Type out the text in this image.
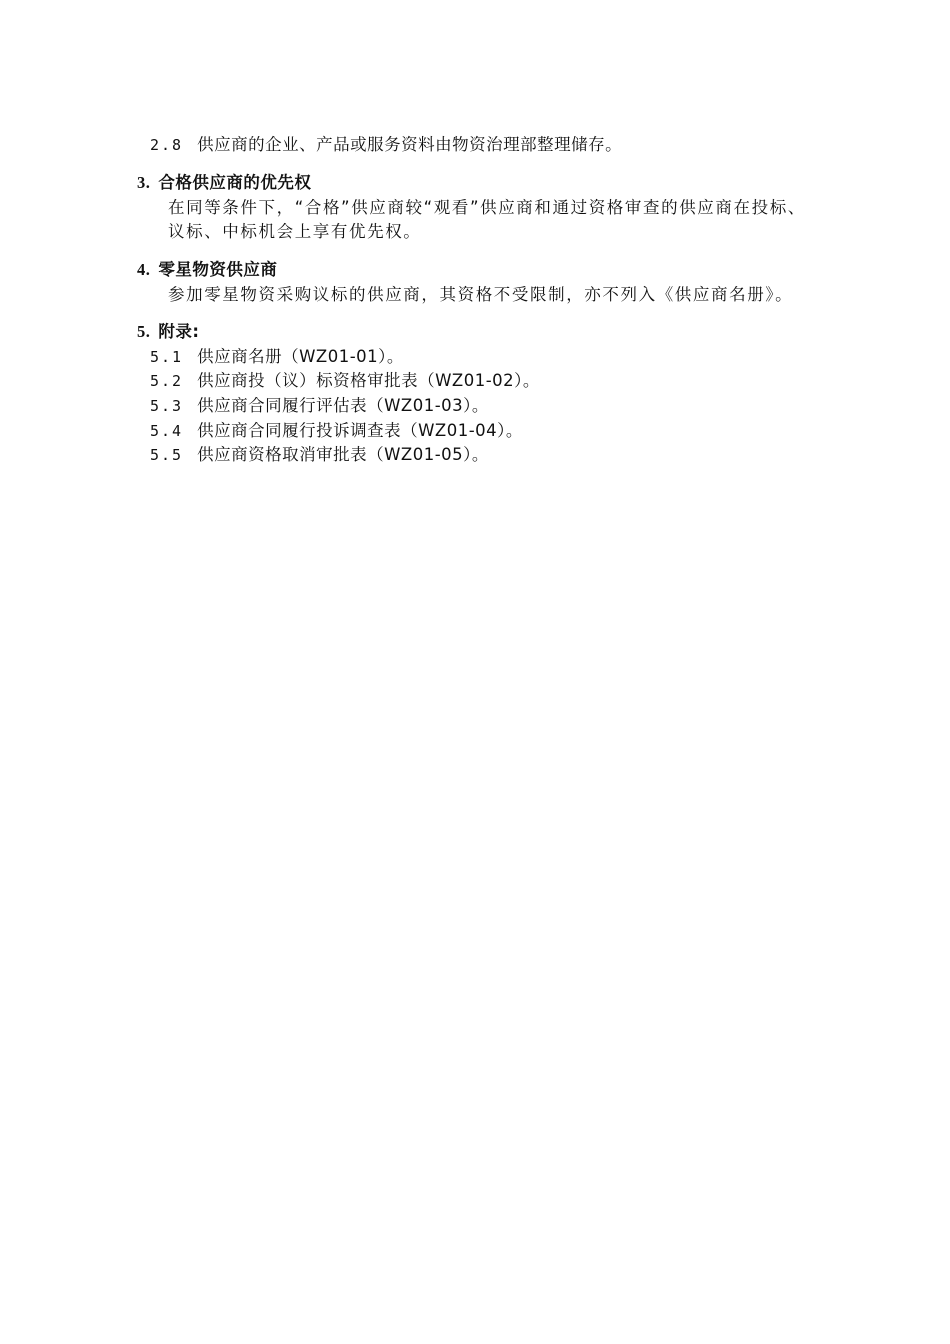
2.8 供应商的企业、产品或服务资料由物资治理部整理储存。
3. 合格供应商的优先权
在同等条件下，“合格”供应商较“观看”供应商和通过资格审查的供应商在投标、
议标、中标机会上享有优先权。
4. 零星物资供应商
参加零星物资采购议标的供应商，其资格不受限制，亦不列入《供应商名册》。
5. 附录:
5.1 供应商名册（WZ01-01）。
5.2 供应商投（议）标资格审批表（WZ01-02）。
5.3 供应商合同履行评估表（WZ01-03）。
5.4 供应商合同履行投诉调查表（WZ01-04）。
5.5 供应商资格取消审批表（WZ01-05）。
